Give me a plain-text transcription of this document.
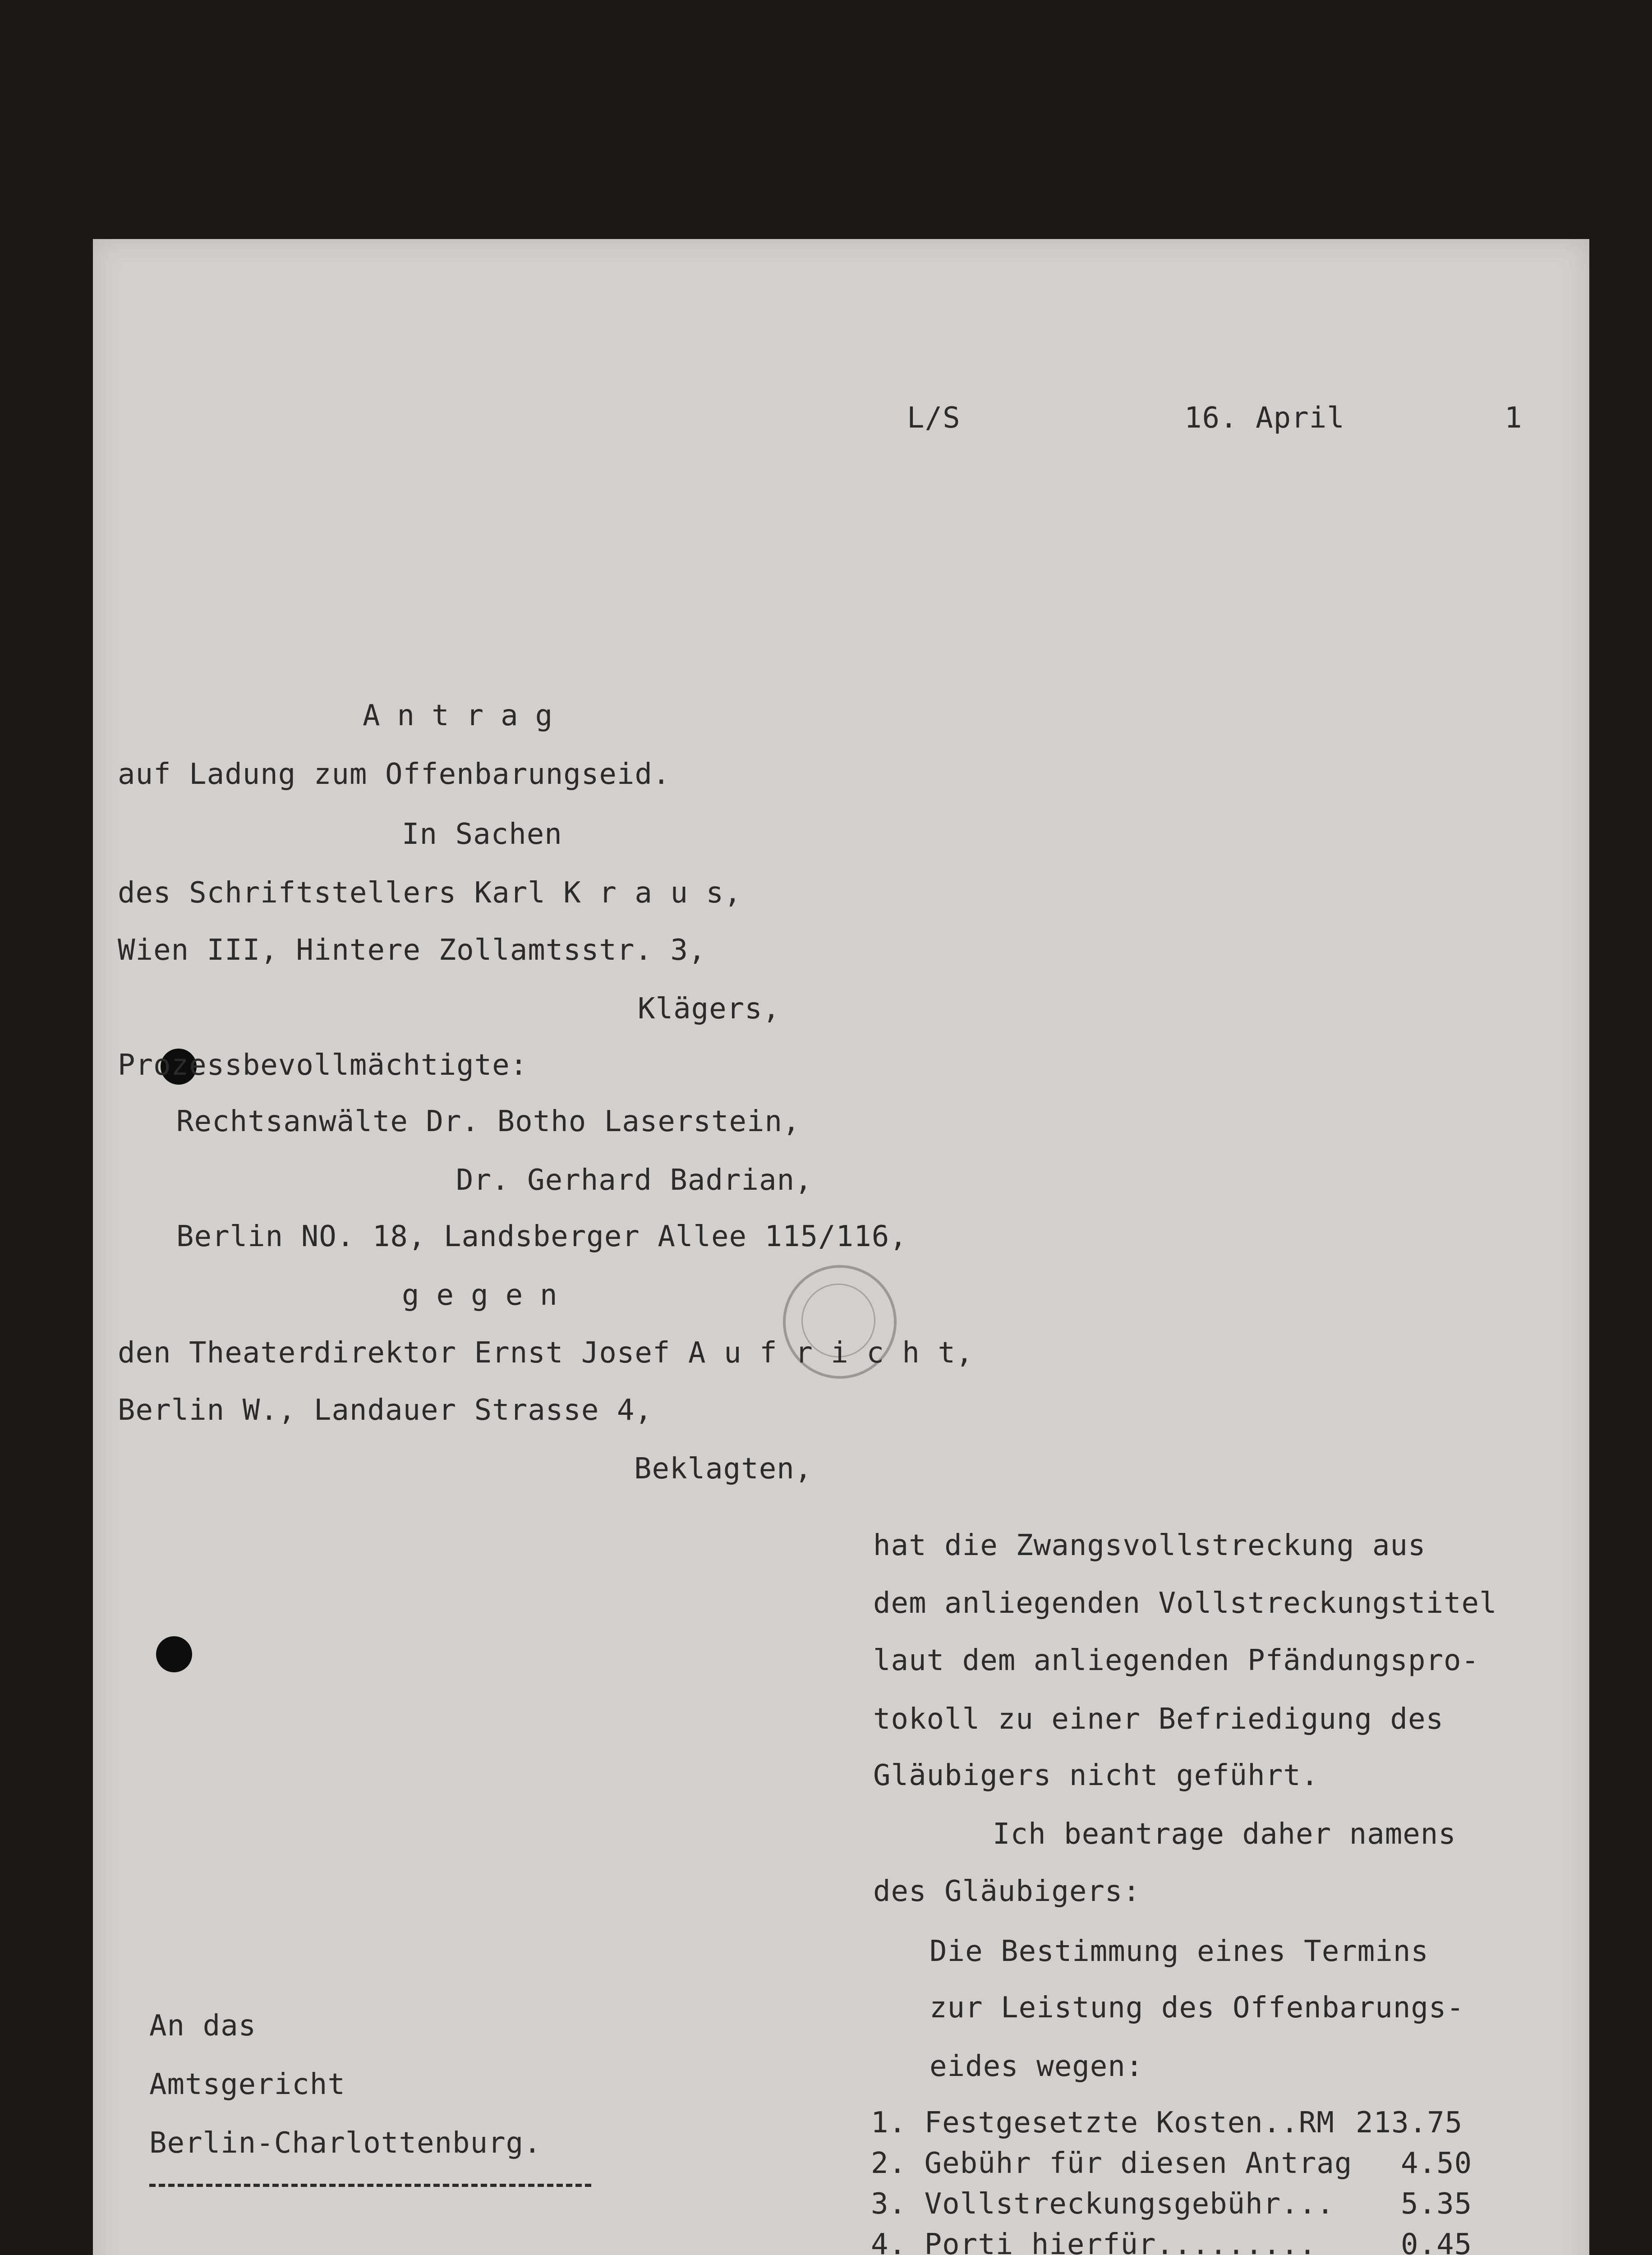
L/S	16. April	1
Antrag
auf Ladung zum Offenbarungseid.
In Sachen
des Schriftstellers Karl K r a u s,
Wien III, Hintere Zollamtsstr. 3,
Klägers,
Prozessbevollmächtigte:
Rechtsanwälte Dr. Botho Laserstein,
Dr. Gerhard Badrian,
Berlin NO. 18, Landsberger Allee 115/116,
gegen
den Theaterdirektor Ernst Josef A u f r i c h t,
Berlin W., Landauer Strasse 4,
Beklagten,
hat die Zwangsvollstreckung aus
dem anliegenden Vollstreckungstitel
laut dem anliegenden Pfändungspro-
tokoll zu einer Befriedigung des
Gläubigers nicht geführt.
Ich beantrage daher namens
des Gläubigers:
Die Bestimmung eines Termins
zur Leistung des Offenbarungs-
eides wegen:
An das
Amtsgericht
Berlin-Charlottenburg.
1. Festgesetzte Kosten..RM 213.75
2. Gebühr für diesen Antrag 4.50
3. Vollstreckungsgebühr... 5.35
4. Porti hierfür.........	0.45
